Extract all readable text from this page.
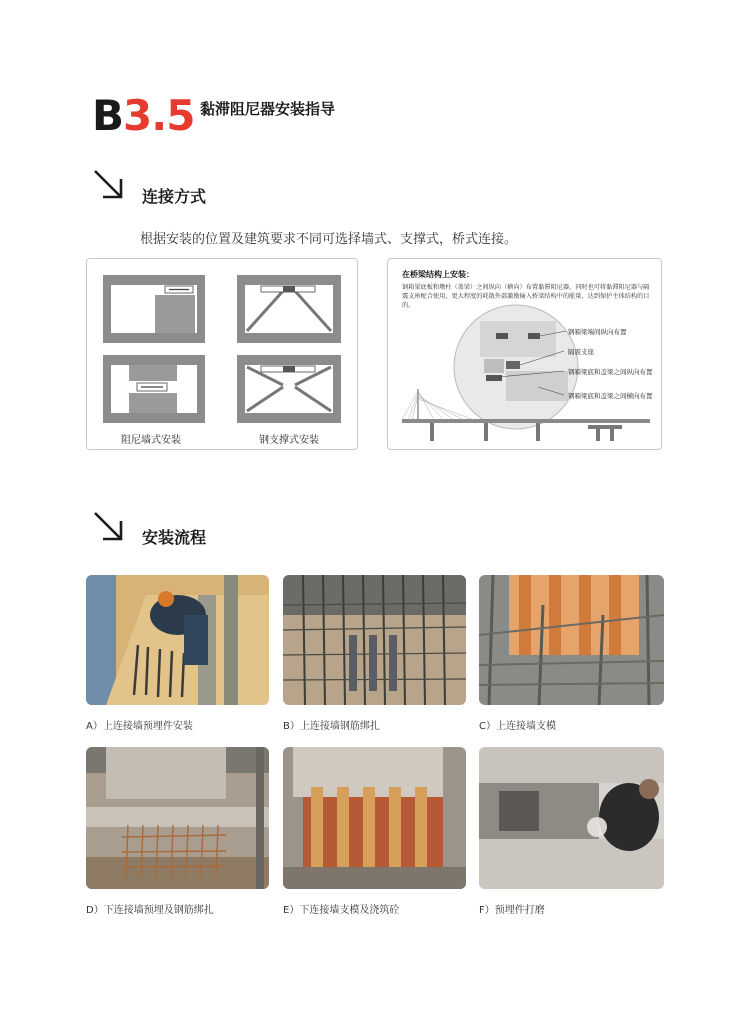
B3.5 黏滞阻尼器安装指导
连接方式
根据安装的位置及建筑要求不同可选择墙式、支撑式，桥式连接。
阻尼墙式安装	钢支撑式安装
在桥梁结构上安装：
钢箱梁底板和墩柱（盖梁）之间纵向（横向）布置黏滞阻尼器，同时也可将黏滞阻尼器与隔震支座配合使用，更大程度的耗散外部激励输入桥梁结构中的能量，达到保护主体结构的目的。
钢箱梁端间纵向布置
隔震支座
钢箱梁底和盖梁之间纵向布置
钢箱梁底和盖梁之间横向布置
安装流程
A）上连接墙预埋件安装	B）上连接墙钢筋绑扎	C）上连接墙支模
D）下连接墙预埋及钢筋绑扎	E）下连接墙支模及浇筑砼	F）预埋件打磨
